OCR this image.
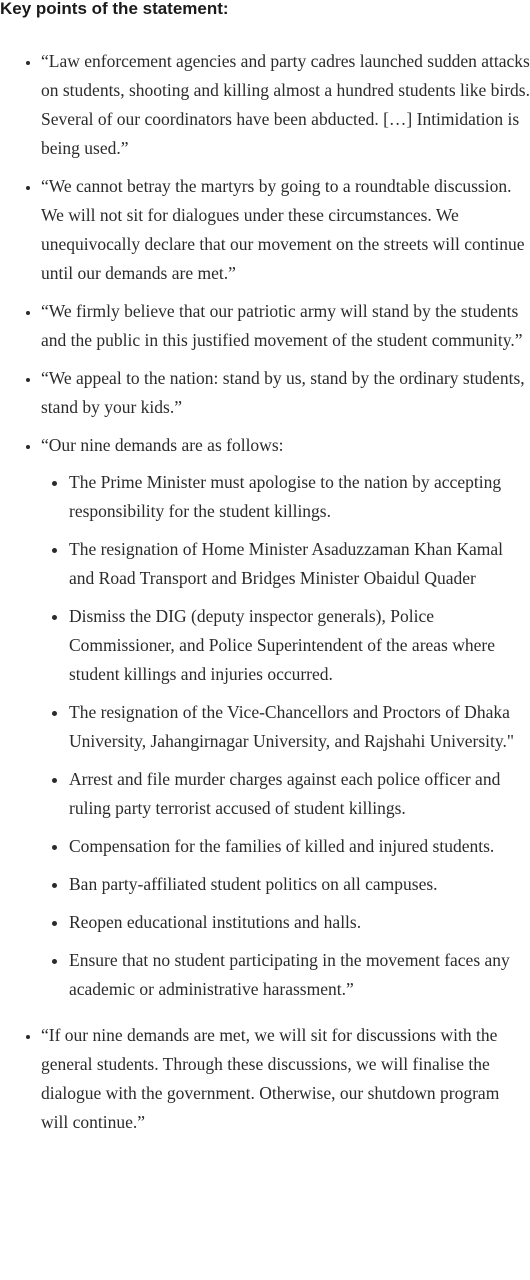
Key points of the statement:
• “Law enforcement agencies and party cadres launched sudden attacks on students, shooting and killing almost a hundred students like birds. Several of our coordinators have been abducted. […] Intimidation is being used.”
• “We cannot betray the martyrs by going to a roundtable discussion. We will not sit for dialogues under these circumstances. We unequivocally declare that our movement on the streets will continue until our demands are met.”
• “We firmly believe that our patriotic army will stand by the students and the public in this justified movement of the student community.”
• “We appeal to the nation: stand by us, stand by the ordinary students, stand by your kids.”
• “Our nine demands are as follows:
• The Prime Minister must apologise to the nation by accepting responsibility for the student killings.
• The resignation of Home Minister Asaduzzaman Khan Kamal and Road Transport and Bridges Minister Obaidul Quader
• Dismiss the DIG (deputy inspector generals), Police Commissioner, and Police Superintendent of the areas where student killings and injuries occurred.
• The resignation of the Vice-Chancellors and Proctors of Dhaka University, Jahangirnagar University, and Rajshahi University."
• Arrest and file murder charges against each police officer and ruling party terrorist accused of student killings.
• Compensation for the families of killed and injured students.
• Ban party-affiliated student politics on all campuses.
• Reopen educational institutions and halls.
• Ensure that no student participating in the movement faces any academic or administrative harassment.”
• “If our nine demands are met, we will sit for discussions with the general students. Through these discussions, we will finalise the dialogue with the government. Otherwise, our shutdown program will continue.”
